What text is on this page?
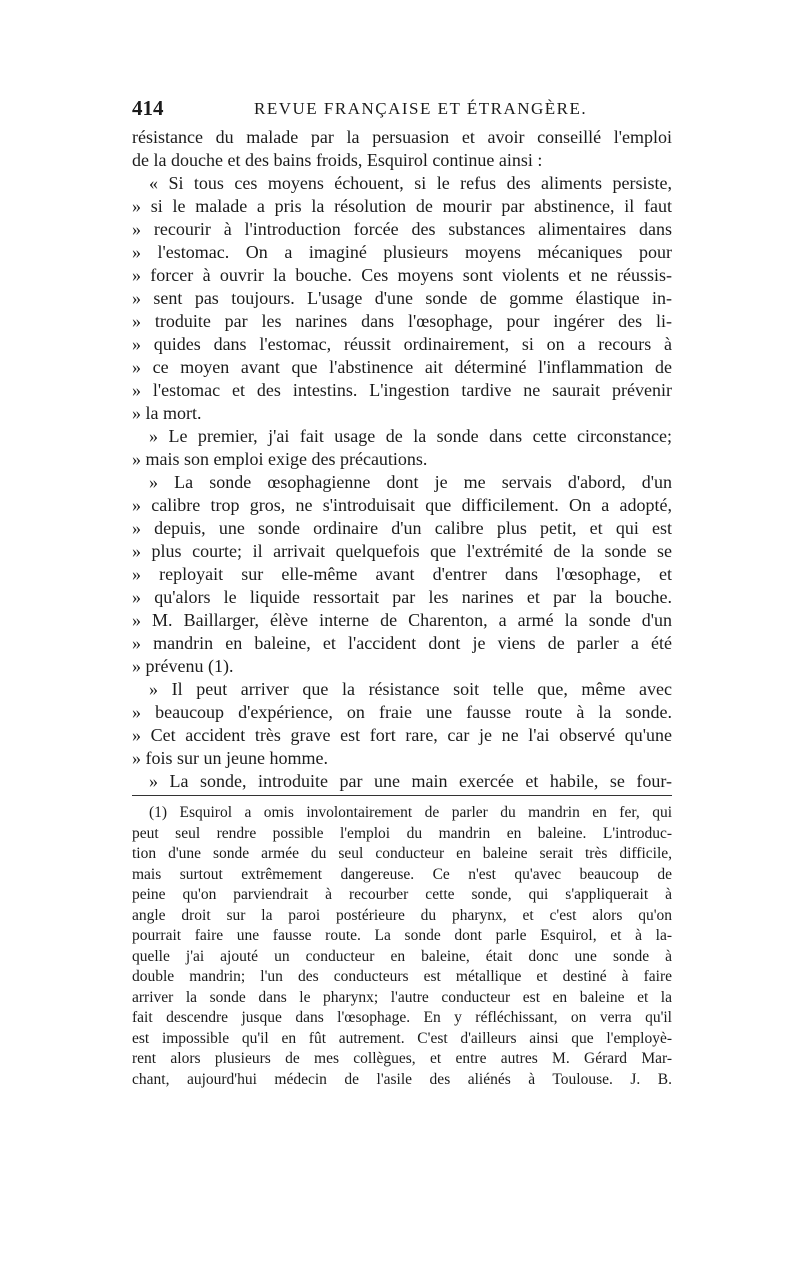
414	REVUE FRANÇAISE ET ÉTRANGÈRE.
résistance du malade par la persuasion et avoir conseillé l'emploi
de la douche et des bains froids, Esquirol continue ainsi :
« Si tous ces moyens échouent, si le refus des aliments persiste,
» si le malade a pris la résolution de mourir par abstinence, il faut
» recourir à l'introduction forcée des substances alimentaires dans
» l'estomac. On a imaginé plusieurs moyens mécaniques pour
» forcer à ouvrir la bouche. Ces moyens sont violents et ne réussis-
» sent pas toujours. L'usage d'une sonde de gomme élastique in-
» troduite par les narines dans l'œsophage, pour ingérer des li-
» quides dans l'estomac, réussit ordinairement, si on a recours à
» ce moyen avant que l'abstinence ait déterminé l'inflammation de
» l'estomac et des intestins. L'ingestion tardive ne saurait prévenir
» la mort.
» Le premier, j'ai fait usage de la sonde dans cette circonstance;
» mais son emploi exige des précautions.
» La sonde œsophagienne dont je me servais d'abord, d'un
» calibre trop gros, ne s'introduisait que difficilement. On a adopté,
» depuis, une sonde ordinaire d'un calibre plus petit, et qui est
» plus courte; il arrivait quelquefois que l'extrémité de la sonde se
» reployait sur elle-même avant d'entrer dans l'œsophage, et
» qu'alors le liquide ressortait par les narines et par la bouche.
» M. Baillarger, élève interne de Charenton, a armé la sonde d'un
» mandrin en baleine, et l'accident dont je viens de parler a été
» prévenu (1).
» Il peut arriver que la résistance soit telle que, même avec
» beaucoup d'expérience, on fraie une fausse route à la sonde.
» Cet accident très grave est fort rare, car je ne l'ai observé qu'une
» fois sur un jeune homme.
» La sonde, introduite par une main exercée et habile, se four-
(1) Esquirol a omis involontairement de parler du mandrin en fer, qui
peut seul rendre possible l'emploi du mandrin en baleine. L'introduc-
tion d'une sonde armée du seul conducteur en baleine serait très difficile,
mais surtout extrêmement dangereuse. Ce n'est qu'avec beaucoup de
peine qu'on parviendrait à recourber cette sonde, qui s'appliquerait à
angle droit sur la paroi postérieure du pharynx, et c'est alors qu'on
pourrait faire une fausse route. La sonde dont parle Esquirol, et à la-
quelle j'ai ajouté un conducteur en baleine, était donc une sonde à
double mandrin; l'un des conducteurs est métallique et destiné à faire
arriver la sonde dans le pharynx; l'autre conducteur est en baleine et la
fait descendre jusque dans l'œsophage. En y réfléchissant, on verra qu'il
est impossible qu'il en fût autrement. C'est d'ailleurs ainsi que l'employè-
rent alors plusieurs de mes collègues, et entre autres M. Gérard Mar-
chant, aujourd'hui médecin de l'asile des aliénés à Toulouse. J. B.
